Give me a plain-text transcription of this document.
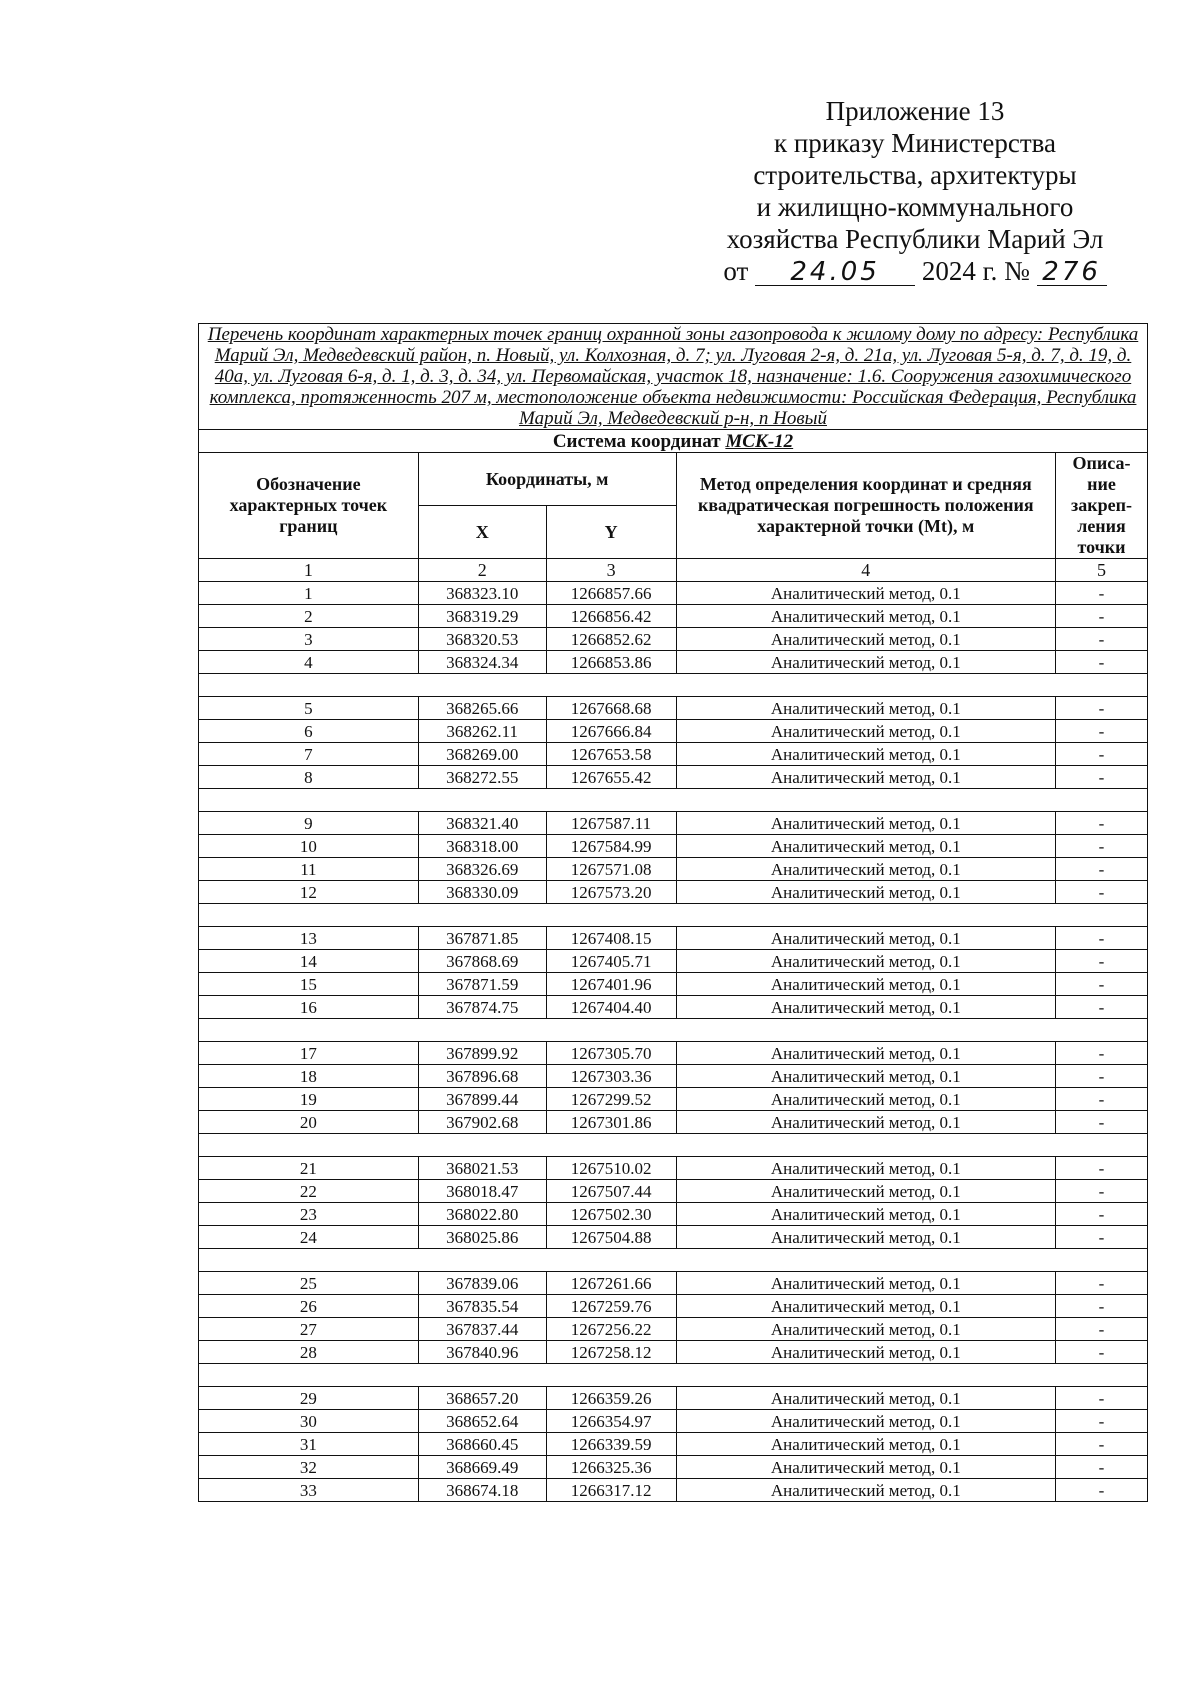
Приложение 13
к приказу Министерства
строительства, архитектуры
и жилищно-коммунального
хозяйства Республики Марий Эл
от 24.05 2024 г. № 276
Перечень координат характерных точек границ охранной зоны газопровода к жилому дому по адресу: Республика Марий Эл, Медведевский район, п. Новый, ул. Колхозная, д. 7; ул. Луговая 2-я, д. 21а, ул. Луговая 5-я, д. 7, д. 19, д. 40а, ул. Луговая 6-я, д. 1, д. 3, д. 34, ул. Первомайская, участок 18, назначение: 1.6. Сооружения газохимического комплекса, протяженность 207 м, местоположение объекта недвижимости: Российская Федерация, Республика Марий Эл, Медведевский р-н, п Новый				
Система координат МСК-12				
Обозначение характерных точек границ	Координаты, м		Метод определения координат и средняя квадратическая погрешность положения характерной точки (Mt), м	Описа-ние закреп-ления точки
	X	Y		
1	2	3	4	5
1	368323.10	1266857.66	Аналитический метод, 0.1	-
2	368319.29	1266856.42	Аналитический метод, 0.1	-
3	368320.53	1266852.62	Аналитический метод, 0.1	-
4	368324.34	1266853.86	Аналитический метод, 0.1	-

5	368265.66	1267668.68	Аналитический метод, 0.1	-
6	368262.11	1267666.84	Аналитический метод, 0.1	-
7	368269.00	1267653.58	Аналитический метод, 0.1	-
8	368272.55	1267655.42	Аналитический метод, 0.1	-

9	368321.40	1267587.11	Аналитический метод, 0.1	-
10	368318.00	1267584.99	Аналитический метод, 0.1	-
11	368326.69	1267571.08	Аналитический метод, 0.1	-
12	368330.09	1267573.20	Аналитический метод, 0.1	-

13	367871.85	1267408.15	Аналитический метод, 0.1	-
14	367868.69	1267405.71	Аналитический метод, 0.1	-
15	367871.59	1267401.96	Аналитический метод, 0.1	-
16	367874.75	1267404.40	Аналитический метод, 0.1	-

17	367899.92	1267305.70	Аналитический метод, 0.1	-
18	367896.68	1267303.36	Аналитический метод, 0.1	-
19	367899.44	1267299.52	Аналитический метод, 0.1	-
20	367902.68	1267301.86	Аналитический метод, 0.1	-

21	368021.53	1267510.02	Аналитический метод, 0.1	-
22	368018.47	1267507.44	Аналитический метод, 0.1	-
23	368022.80	1267502.30	Аналитический метод, 0.1	-
24	368025.86	1267504.88	Аналитический метод, 0.1	-

25	367839.06	1267261.66	Аналитический метод, 0.1	-
26	367835.54	1267259.76	Аналитический метод, 0.1	-
27	367837.44	1267256.22	Аналитический метод, 0.1	-
28	367840.96	1267258.12	Аналитический метод, 0.1	-

29	368657.20	1266359.26	Аналитический метод, 0.1	-
30	368652.64	1266354.97	Аналитический метод, 0.1	-
31	368660.45	1266339.59	Аналитический метод, 0.1	-
32	368669.49	1266325.36	Аналитический метод, 0.1	-
33	368674.18	1266317.12	Аналитический метод, 0.1	-
